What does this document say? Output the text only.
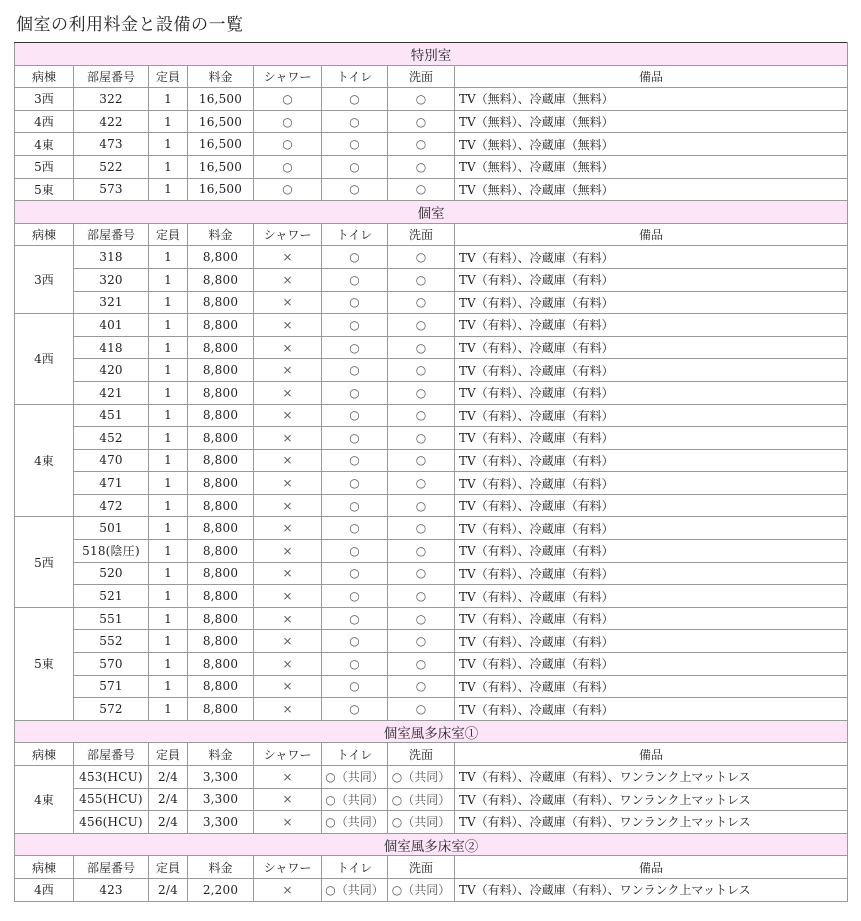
個室の利用料金と設備の一覧
特別室							
病棟	部屋番号	定員	料金	シャワー	トイレ	洗面	備品
3西	322	1	16,500	○	○	○	TV（無料）、冷蔵庫（無料）
4西	422	1	16,500	○	○	○	TV（無料）、冷蔵庫（無料）
4東	473	1	16,500	○	○	○	TV（無料）、冷蔵庫（無料）
5西	522	1	16,500	○	○	○	TV（無料）、冷蔵庫（無料）
5東	573	1	16,500	○	○	○	TV（無料）、冷蔵庫（無料）
個室							
病棟	部屋番号	定員	料金	シャワー	トイレ	洗面	備品
3西	318	1	8,800	×	○	○	TV（有料）、冷蔵庫（有料）
	320	1	8,800	×	○	○	TV（有料）、冷蔵庫（有料）
	321	1	8,800	×	○	○	TV（有料）、冷蔵庫（有料）
4西	401	1	8,800	×	○	○	TV（有料）、冷蔵庫（有料）
	418	1	8,800	×	○	○	TV（有料）、冷蔵庫（有料）
	420	1	8,800	×	○	○	TV（有料）、冷蔵庫（有料）
	421	1	8,800	×	○	○	TV（有料）、冷蔵庫（有料）
4東	451	1	8,800	×	○	○	TV（有料）、冷蔵庫（有料）
	452	1	8,800	×	○	○	TV（有料）、冷蔵庫（有料）
	470	1	8,800	×	○	○	TV（有料）、冷蔵庫（有料）
	471	1	8,800	×	○	○	TV（有料）、冷蔵庫（有料）
	472	1	8,800	×	○	○	TV（有料）、冷蔵庫（有料）
5西	501	1	8,800	×	○	○	TV（有料）、冷蔵庫（有料）
	518(陰圧)	1	8,800	×	○	○	TV（有料）、冷蔵庫（有料）
	520	1	8,800	×	○	○	TV（有料）、冷蔵庫（有料）
	521	1	8,800	×	○	○	TV（有料）、冷蔵庫（有料）
5東	551	1	8,800	×	○	○	TV（有料）、冷蔵庫（有料）
	552	1	8,800	×	○	○	TV（有料）、冷蔵庫（有料）
	570	1	8,800	×	○	○	TV（有料）、冷蔵庫（有料）
	571	1	8,800	×	○	○	TV（有料）、冷蔵庫（有料）
	572	1	8,800	×	○	○	TV（有料）、冷蔵庫（有料）
個室風多床室①							
病棟	部屋番号	定員	料金	シャワー	トイレ	洗面	備品
4東	453(HCU)	2/4	3,300	×	○（共同）	○（共同）	TV（有料）、冷蔵庫（有料）、ワンランク上マットレス
	455(HCU)	2/4	3,300	×	○（共同）	○（共同）	TV（有料）、冷蔵庫（有料）、ワンランク上マットレス
	456(HCU)	2/4	3,300	×	○（共同）	○（共同）	TV（有料）、冷蔵庫（有料）、ワンランク上マットレス
個室風多床室②							
病棟	部屋番号	定員	料金	シャワー	トイレ	洗面	備品
4西	423	2/4	2,200	×	○（共同）	○（共同）	TV（有料）、冷蔵庫（有料）、ワンランク上マットレス
